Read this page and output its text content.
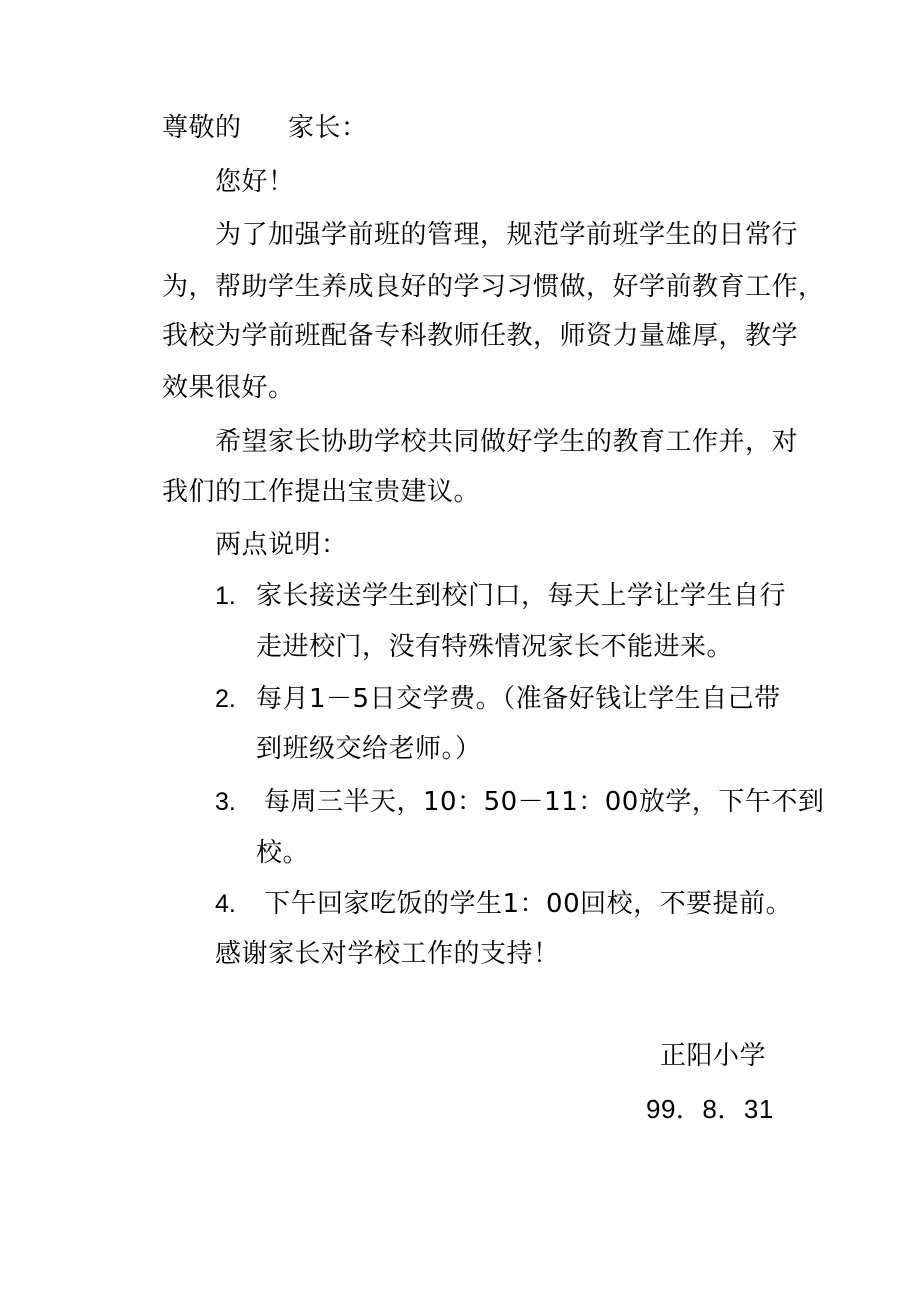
尊敬的 家长：
您好！
为了加强学前班的管理，规范学前班学生的日常行
为，帮助学生养成良好的学习习惯做，好学前教育工作，
我校为学前班配备专科教师任教，师资力量雄厚，教学
效果很好。
希望家长协助学校共同做好学生的教育工作并，对
我们的工作提出宝贵建议。
两点说明：
1. 家长接送学生到校门口，每天上学让学生自行
走进校门，没有特殊情况家长不能进来。
2. 每月1－5日交学费。（准备好钱让学生自己带
到班级交给老师。）
3. 每周三半天，10：50－11：00放学，下午不到
校。
4. 下午回家吃饭的学生1：00回校，不要提前。
感谢家长对学校工作的支持！
正阳小学
99．8．31
